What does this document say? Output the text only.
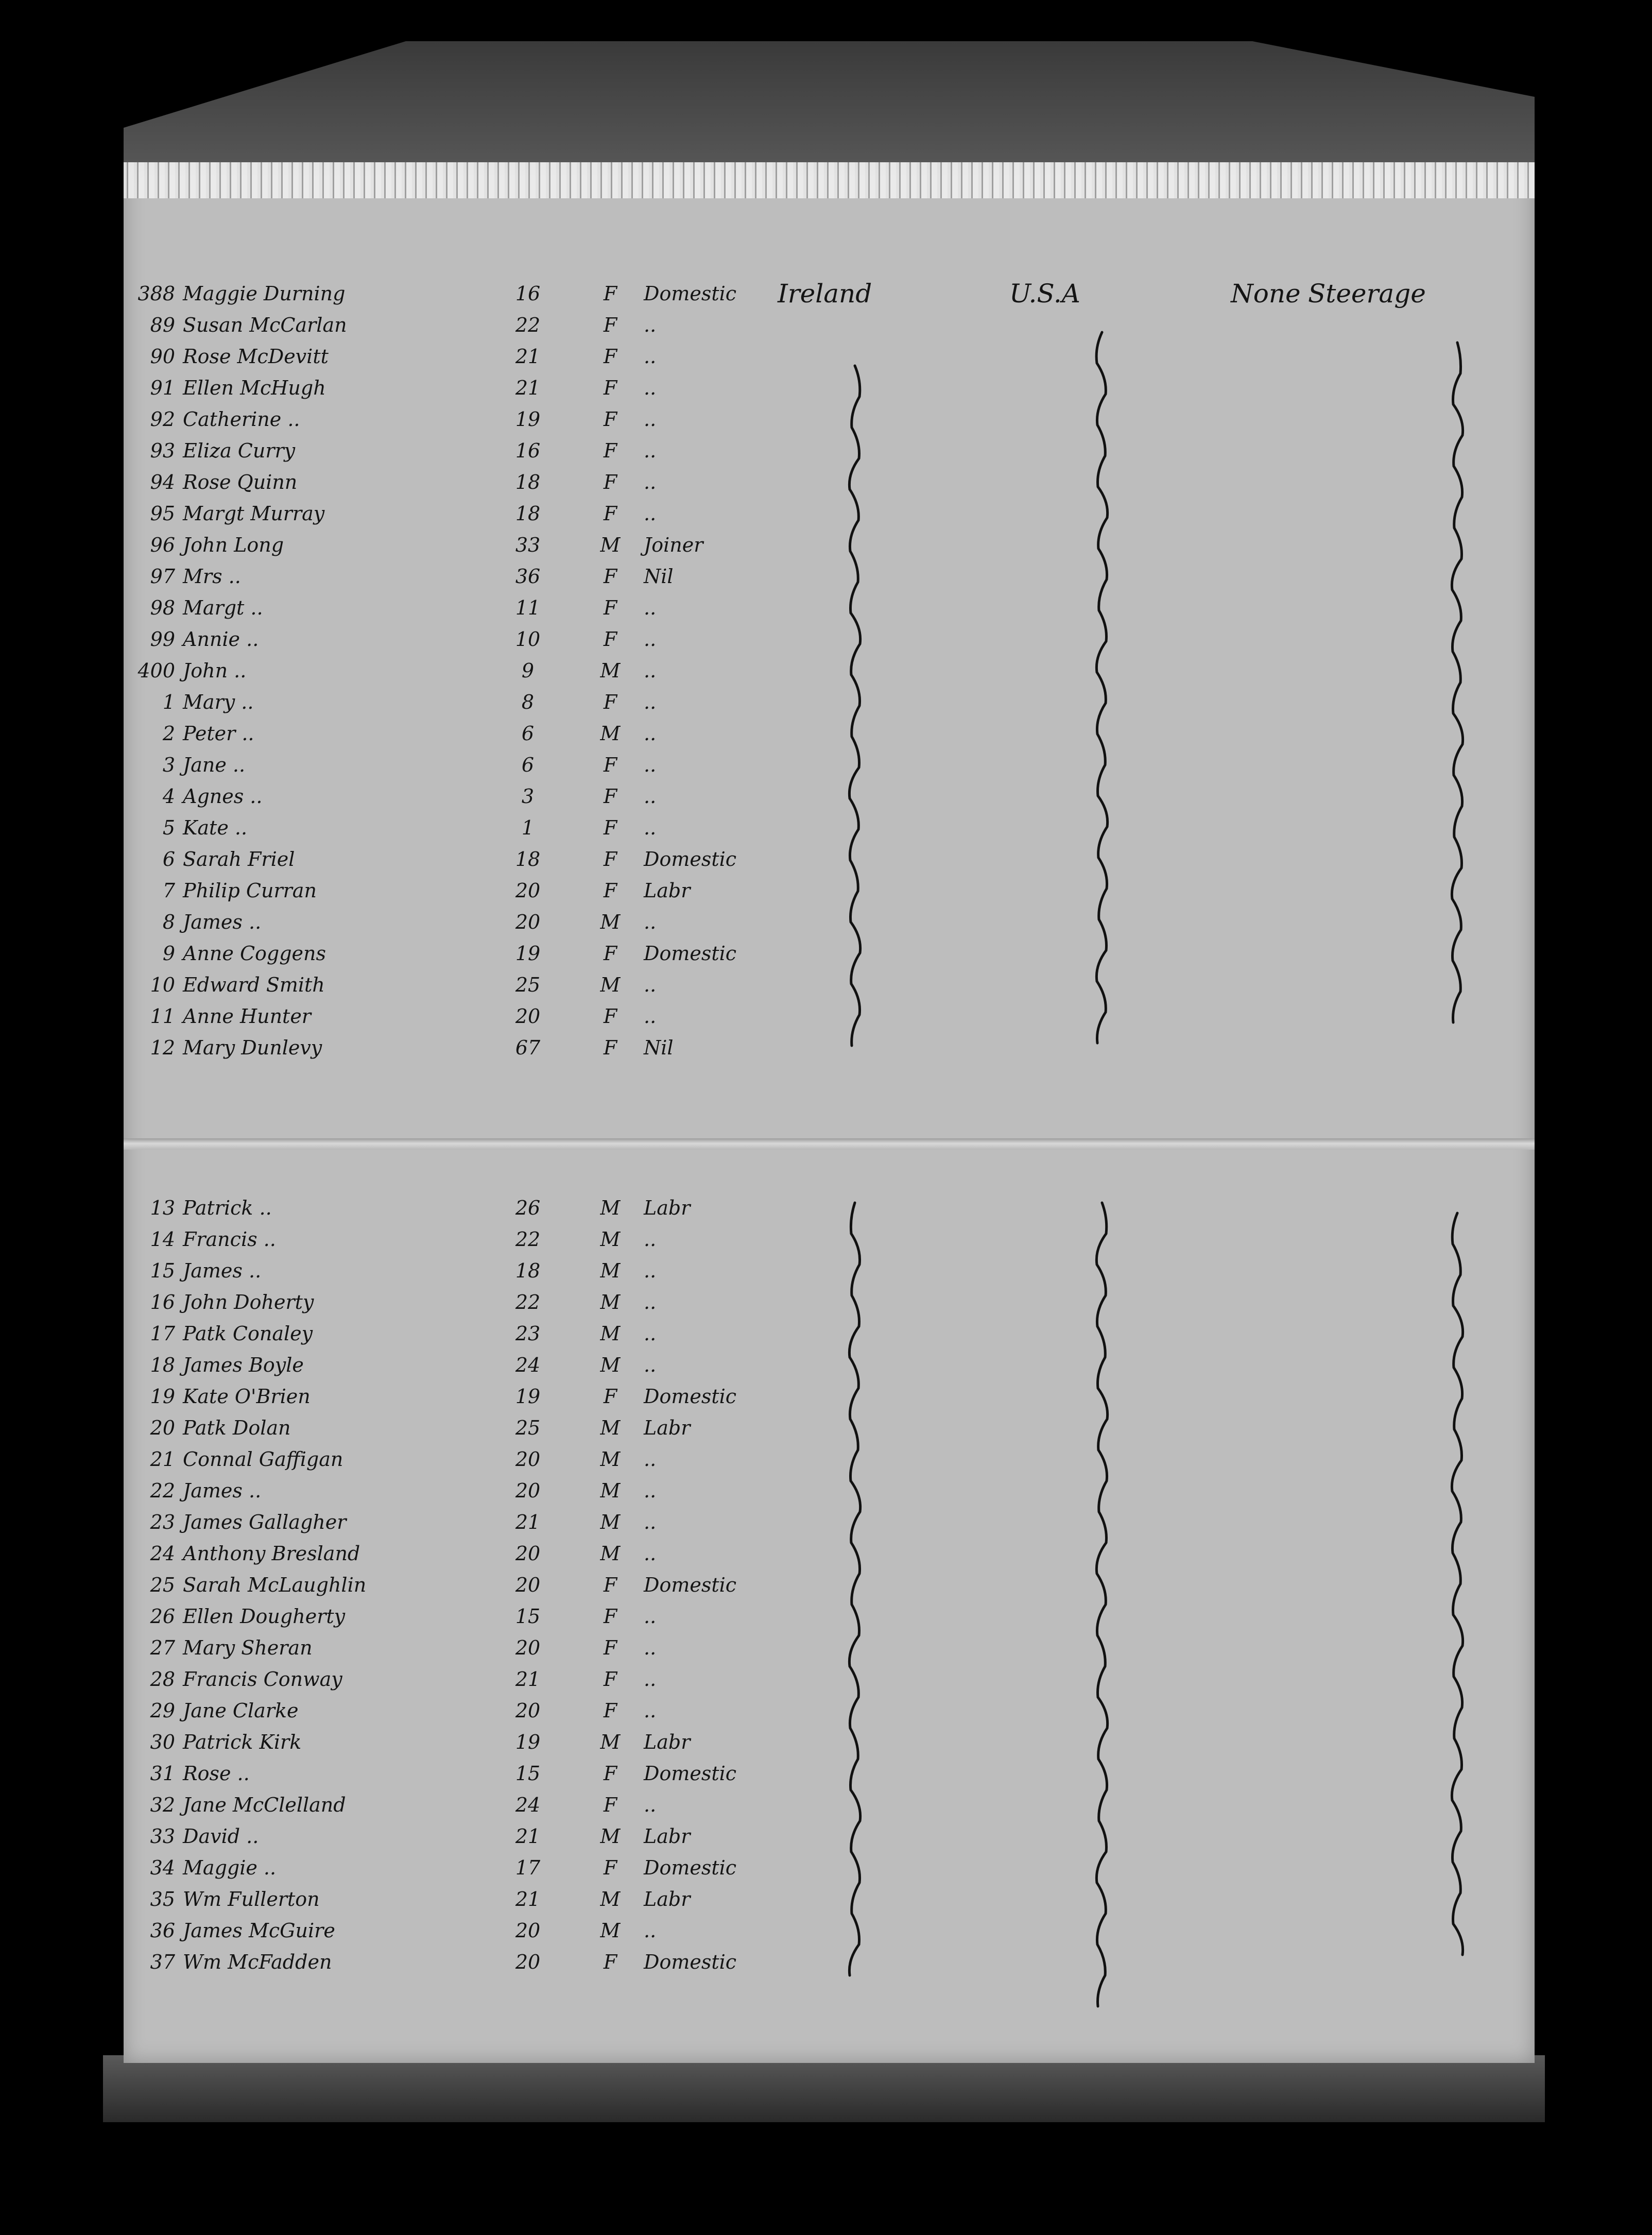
388 Maggie Durning	16	F	Domestic	Ireland	U.S.A	None Steerage
89 Susan McCarlan	22	F	..
90 Rose McDevitt	21	F	..
91 Ellen McHugh	21	F	..
92 Catherine ..	19	F	..
93 Eliza Curry	16	F	..
94 Rose Quinn	18	F	..
95 Margt Murray	18	F	..
96 John Long	33	M	Joiner
97 Mrs ..	36	F	Nil
98 Margt ..	11	F	..
99 Annie ..	10	F	..
400 John ..	9	M	..
1 Mary ..	8	F	..
2 Peter ..	6	M	..
3 Jane ..	6	F	..
4 Agnes ..	3	F	..
5 Kate ..	1	F	..
6 Sarah Friel	18	F	Domestic
7 Philip Curran	20	F	Labr
8 James ..	20	M	..
9 Anne Coggens	19	F	Domestic
10 Edward Smith	25	M	..
11 Anne Hunter	20	F	..
12 Mary Dunlevy	67	F	Nil
13 Patrick ..	26	M	Labr
14 Francis ..	22	M	..
15 James ..	18	M	..
16 John Doherty	22	M	..
17 Patk Conaley	23	M	..
18 James Boyle	24	M	..
19 Kate O'Brien	19	F	Domestic
20 Patk Dolan	25	M	Labr
21 Connal Gaffigan	20	M	..
22 James ..	20	M	..
23 James Gallagher	21	M	..
24 Anthony Bresland	20	M	..
25 Sarah McLaughlin	20	F	Domestic
26 Ellen Dougherty	15	F	..
27 Mary Sheran	20	F	..
28 Francis Conway	21	F	..
29 Jane Clarke	20	F	..
30 Patrick Kirk	19	M	Labr
31 Rose ..	15	F	Domestic
32 Jane McClelland	24	F	..
33 David ..	21	M	Labr
34 Maggie ..	17	F	Domestic
35 Wm Fullerton	21	M	Labr
36 James McGuire	20	M	..
37 Wm McFadden	20	F	Domestic
